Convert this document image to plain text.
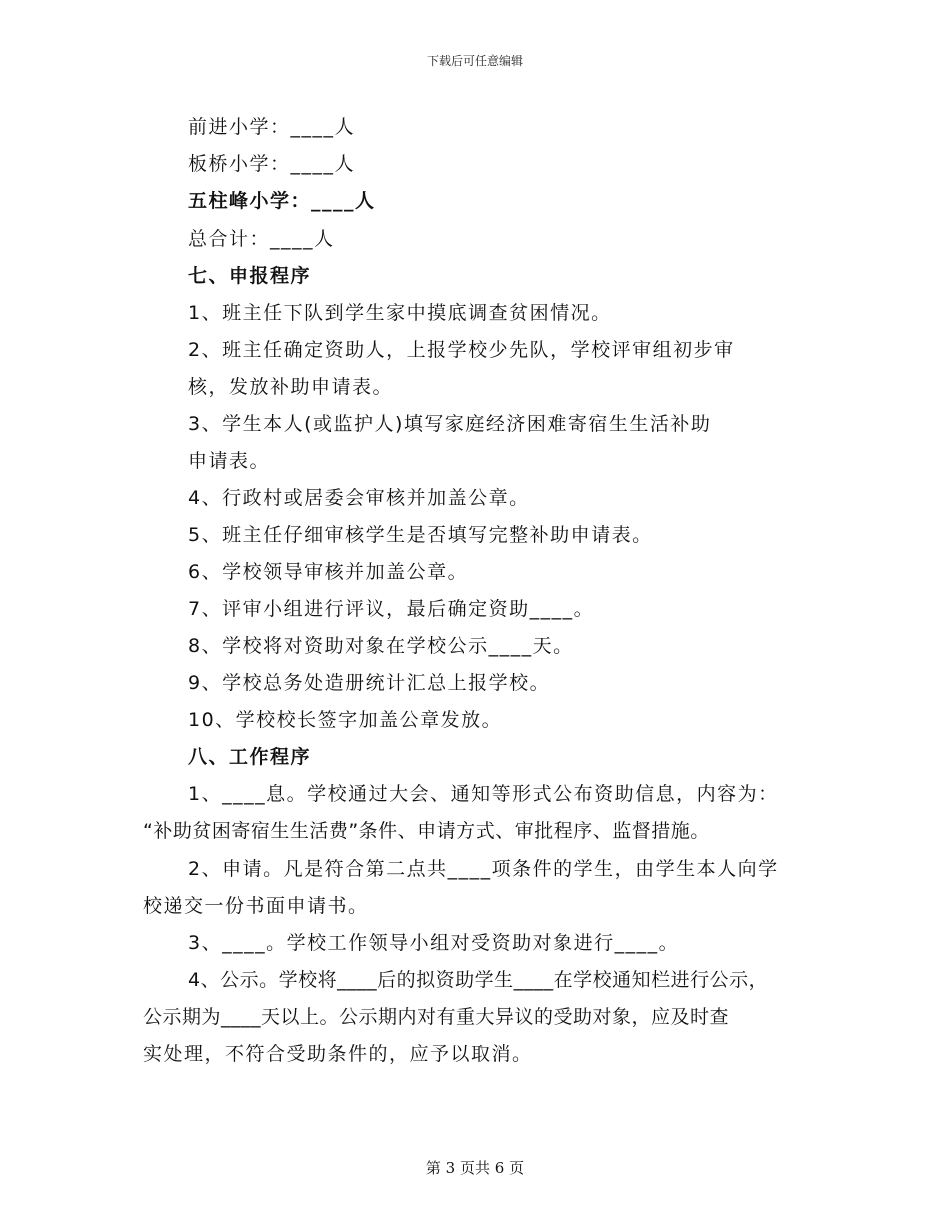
下载后可任意编辑
前进小学：____人
板桥小学：____人
五柱峰小学：____人
总合计：____人
七、申报程序
1、班主任下队到学生家中摸底调查贫困情况。
2、班主任确定资助人，上报学校少先队，学校评审组初步审
核，发放补助申请表。
3、学生本人(或监护人)填写家庭经济困难寄宿生生活补助
申请表。
4、行政村或居委会审核并加盖公章。
5、班主任仔细审核学生是否填写完整补助申请表。
6、学校领导审核并加盖公章。
7、评审小组进行评议，最后确定资助____。
8、学校将对资助对象在学校公示____天。
9、学校总务处造册统计汇总上报学校。
10、学校校长签字加盖公章发放。
八、工作程序
1、____息。学校通过大会、通知等形式公布资助信息，内容为：
“补助贫困寄宿生生活费”条件、申请方式、审批程序、监督措施。
2、申请。凡是符合第二点共____项条件的学生，由学生本人向学
校递交一份书面申请书。
3、____。学校工作领导小组对受资助对象进行____。
4、公示。学校将____后的拟资助学生____在学校通知栏进行公示，
公示期为____天以上。公示期内对有重大异议的受助对象，应及时查
实处理，不符合受助条件的，应予以取消。
第 3 页共 6 页
